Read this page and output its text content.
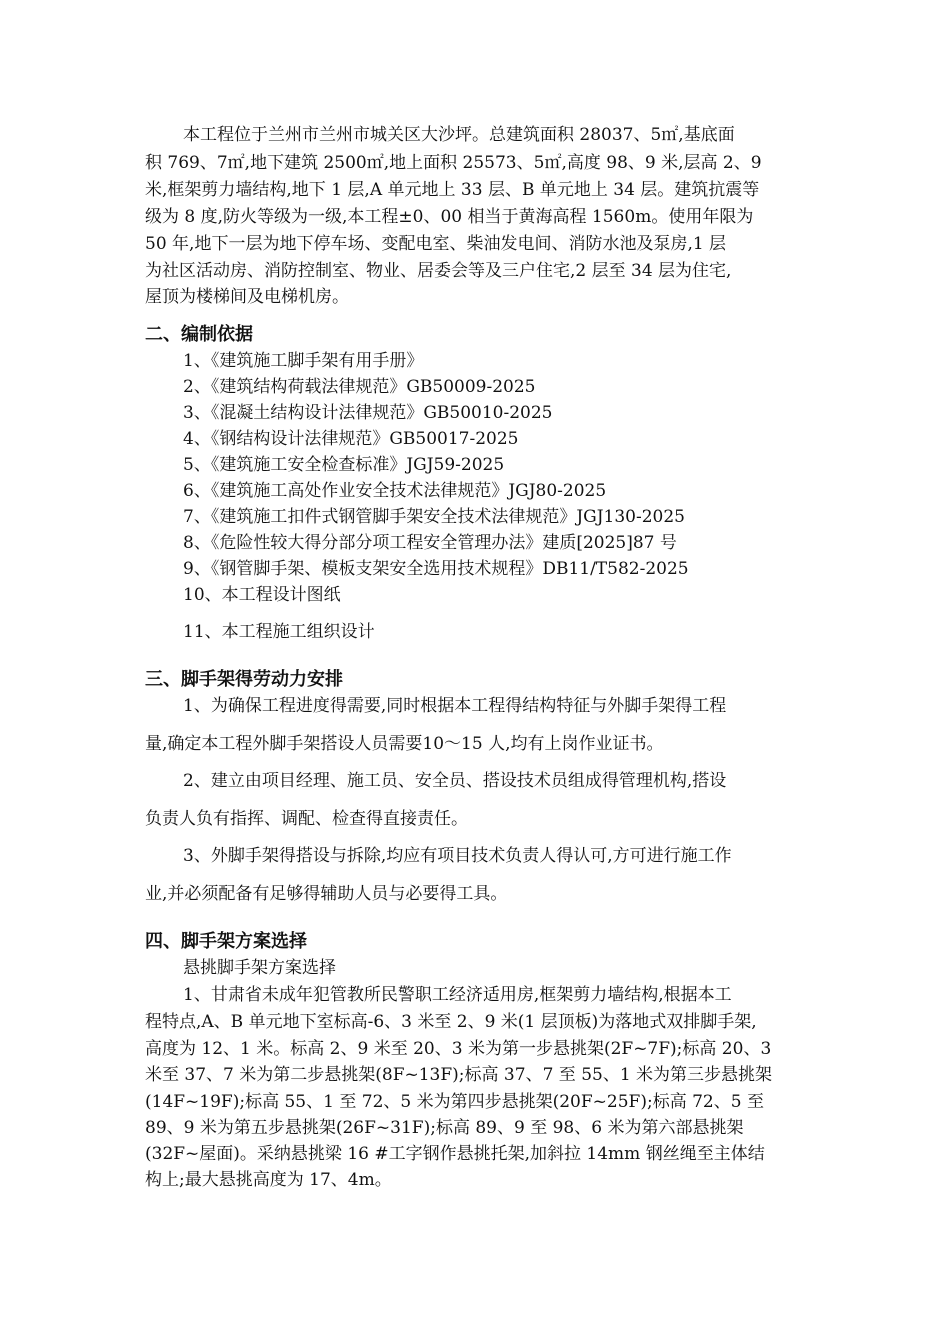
本工程位于兰州市兰州市城关区大沙坪。总建筑面积 28037、5㎡,基底面
积 769、7㎡,地下建筑 2500㎡,地上面积 25573、5㎡,高度 98、9 米,层高 2、9
米,框架剪力墙结构,地下 1 层,A 单元地上 33 层、B 单元地上 34 层。建筑抗震等
级为 8 度,防火等级为一级,本工程±0、00 相当于黄海高程 1560m。使用年限为
50 年,地下一层为地下停车场、变配电室、柴油发电间、消防水池及泵房,1 层
为社区活动房、消防控制室、物业、居委会等及三户住宅,2 层至 34 层为住宅,
屋顶为楼梯间及电梯机房。
二、编制依据
1、《建筑施工脚手架有用手册》
2、《建筑结构荷载法律规范》GB50009-2025
3、《混凝土结构设计法律规范》GB50010-2025
4、《钢结构设计法律规范》GB50017-2025
5、《建筑施工安全检查标准》JGJ59-2025
6、《建筑施工高处作业安全技术法律规范》JGJ80-2025
7、《建筑施工扣件式钢管脚手架安全技术法律规范》JGJ130-2025
8、《危险性较大得分部分项工程安全管理办法》建质[2025]87 号
9、《钢管脚手架、模板支架安全选用技术规程》DB11/T582-2025
10、本工程设计图纸
11、本工程施工组织设计
三、脚手架得劳动力安排
1、为确保工程进度得需要,同时根据本工程得结构特征与外脚手架得工程
量,确定本工程外脚手架搭设人员需要10～15 人,均有上岗作业证书。
2、建立由项目经理、施工员、安全员、搭设技术员组成得管理机构,搭设
负责人负有指挥、调配、检查得直接责任。
3、外脚手架得搭设与拆除,均应有项目技术负责人得认可,方可进行施工作
业,并必须配备有足够得辅助人员与必要得工具。
四、脚手架方案选择
悬挑脚手架方案选择
1、甘肃省未成年犯管教所民警职工经济适用房,框架剪力墙结构,根据本工
程特点,A、B 单元地下室标高-6、3 米至 2、9 米(1 层顶板)为落地式双排脚手架,
高度为 12、1 米。标高 2、9 米至 20、3 米为第一步悬挑架(2F~7F);标高 20、3
米至 37、7 米为第二步悬挑架(8F~13F);标高 37、7 至 55、1 米为第三步悬挑架
(14F~19F);标高 55、1 至 72、5 米为第四步悬挑架(20F~25F);标高 72、5 至
89、9 米为第五步悬挑架(26F~31F);标高 89、9 至 98、6 米为第六部悬挑架
(32F~屋面)。采纳悬挑梁 16 #工字钢作悬挑托架,加斜拉 14mm 钢丝绳至主体结
构上;最大悬挑高度为 17、4m。
